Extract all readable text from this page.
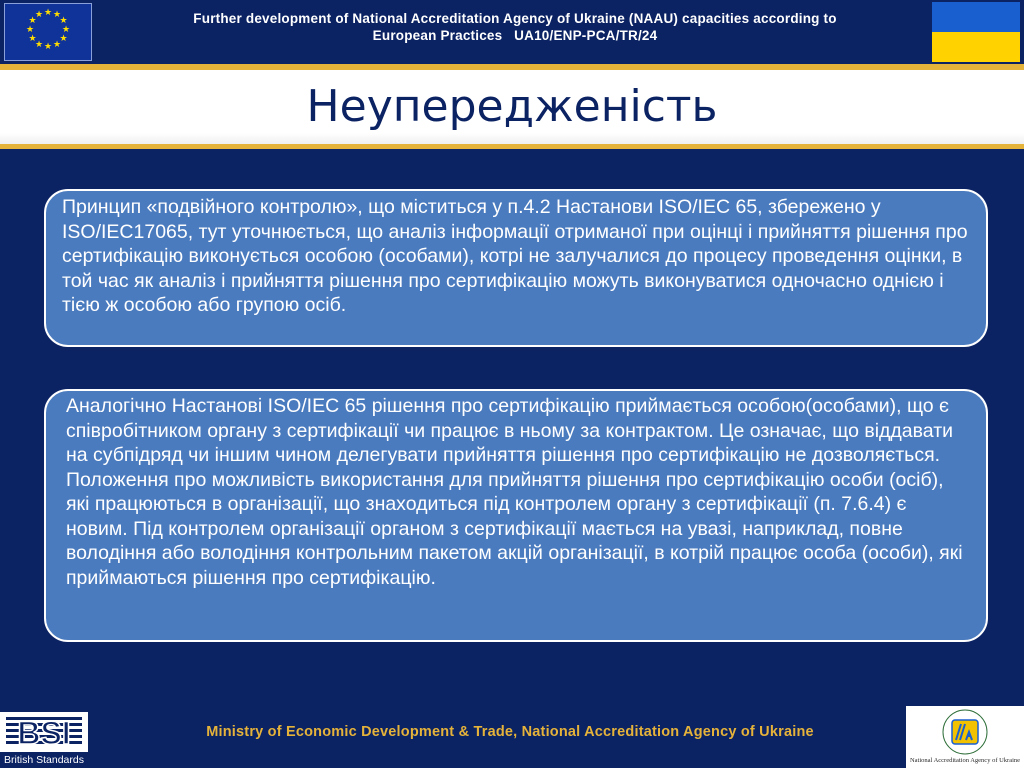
★ ★
★
★
★
★
★
★
★
★
★
★	Further development of National Accreditation Agency of Ukraine (NAAU) capacities according to
European Practices   UA10/ENP-PCA/TR/24
Неупередженість
Принцип «подвійного контролю», що міститься у п.4.2 Настанови ISO/IEC 65, збережено у ISO/IEC17065, тут уточнюється, що аналіз інформації отриманої при оцінці і прийняття рішення про сертифікацію виконується особою (особами), котрі не залучалися до процесу проведення оцінки, в той час як аналіз і прийняття рішення про сертифікацію можуть виконуватися одночасно однією і тією ж особою або групою осіб.
Аналогічно Настанові ISO/IEC 65 рішення про сертифікацію приймається особою(особами), що є співробітником органу з сертифікації чи працює в ньому за контрактом. Це означає, що віддавати на субпідряд чи іншим чином делегувати прийняття рішення про сертифікацію не дозволяється. Положення про можливість використання для прийняття рішення про сертифікацію особи (осіб), які працюються в організації, що знаходиться під контролем органу з сертифікації (п. 7.6.4) є новим. Під контролем організації органом з сертифікації мається на увазі, наприклад, повне володіння або володіння контрольним пакетом акцій організації, в котрій працює особа (особи), які приймаються рішення про сертифікацію.
BSI
British Standards
Ministry of Economic Development & Trade, National Accreditation Agency of Ukraine
National Accreditation Agency of Ukraine
